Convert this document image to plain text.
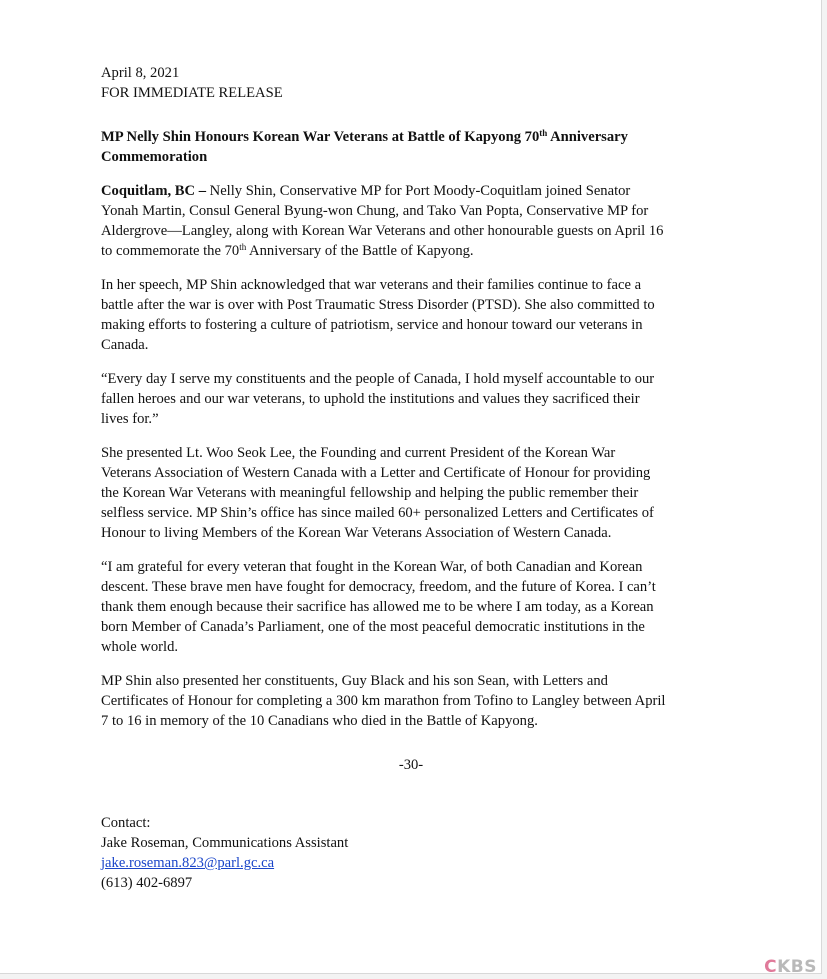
April 8, 2021
FOR IMMEDIATE RELEASE
MP Nelly Shin Honours Korean War Veterans at Battle of Kapyong 70th Anniversary
Commemoration
Coquitlam, BC – Nelly Shin, Conservative MP for Port Moody-Coquitlam joined Senator
Yonah Martin, Consul General Byung-won Chung, and Tako Van Popta, Conservative MP for
Aldergrove—Langley, along with Korean War Veterans and other honourable guests on April 16
to commemorate the 70th Anniversary of the Battle of Kapyong.
In her speech, MP Shin acknowledged that war veterans and their families continue to face a
battle after the war is over with Post Traumatic Stress Disorder (PTSD). She also committed to
making efforts to fostering a culture of patriotism, service and honour toward our veterans in
Canada.
“Every day I serve my constituents and the people of Canada, I hold myself accountable to our
fallen heroes and our war veterans, to uphold the institutions and values they sacrificed their
lives for.”
She presented Lt. Woo Seok Lee, the Founding and current President of the Korean War
Veterans Association of Western Canada with a Letter and Certificate of Honour for providing
the Korean War Veterans with meaningful fellowship and helping the public remember their
selfless service. MP Shin’s office has since mailed 60+ personalized Letters and Certificates of
Honour to living Members of the Korean War Veterans Association of Western Canada.
“I am grateful for every veteran that fought in the Korean War, of both Canadian and Korean
descent. These brave men have fought for democracy, freedom, and the future of Korea. I can’t
thank them enough because their sacrifice has allowed me to be where I am today, as a Korean
born Member of Canada’s Parliament, one of the most peaceful democratic institutions in the
whole world.
MP Shin also presented her constituents, Guy Black and his son Sean, with Letters and
Certificates of Honour for completing a 300 km marathon from Tofino to Langley between April
7 to 16 in memory of the 10 Canadians who died in the Battle of Kapyong.
-30-
Contact:
Jake Roseman, Communications Assistant
jake.roseman.823@parl.gc.ca
(613) 402-6897
CKBS
